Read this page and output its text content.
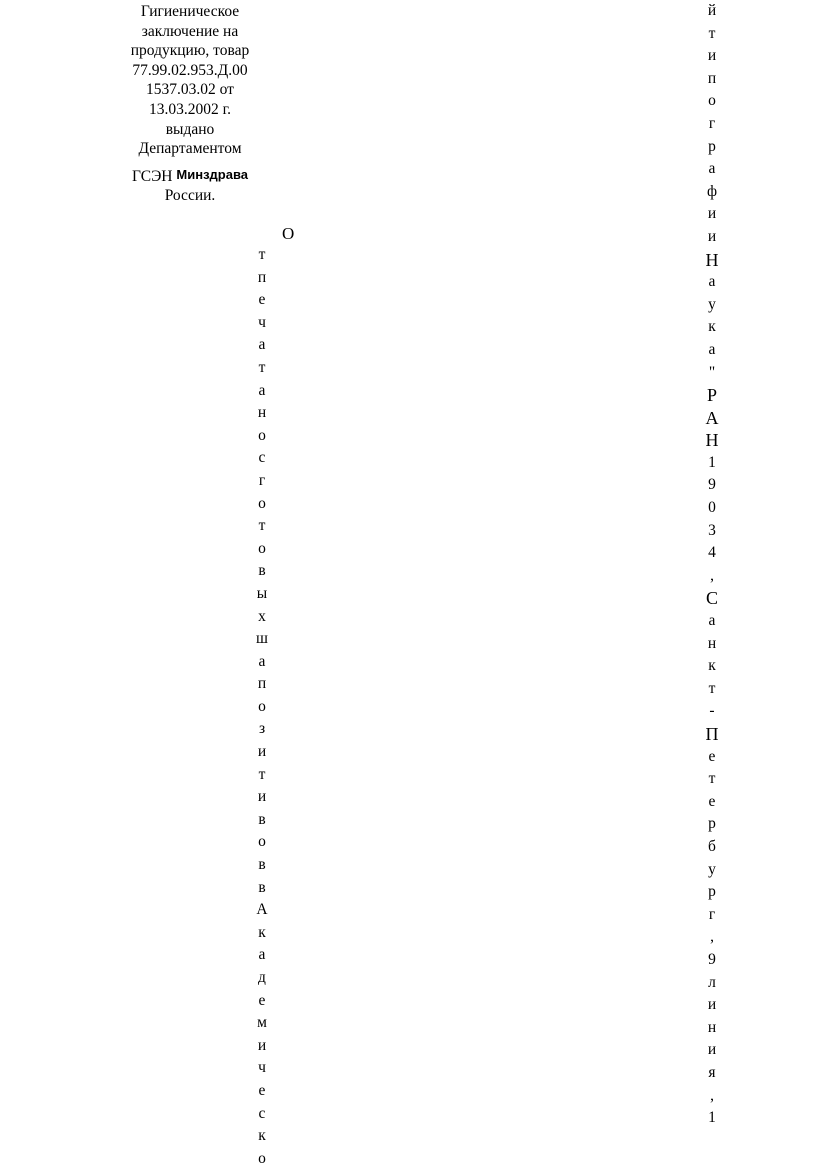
Гигиеническое
заключение на
продукцию, товар
77.99.02.953.Д.00
1537.03.02 от
13.03.2002 г.
выдано
Департаментом
ГСЭН Минздрава
России.
О
т
п
е
ч
а
т
а
н
о
с
г
о
т
о
в
ы
х
ш
а
п
о
з
и
т
и
в
о
в
в
А
к
а
д
е
м
и
ч
е
с
к
о
й
т
и
п
о
г
р
а
ф
и
и
Н
а
у
к
а
"
Р
А
Н
1
9
0
3
4
,
С
а
н
к
т
-
П
е
т
е
р
б
у
р
г
,
9
л
и
н
и
я
,
1
